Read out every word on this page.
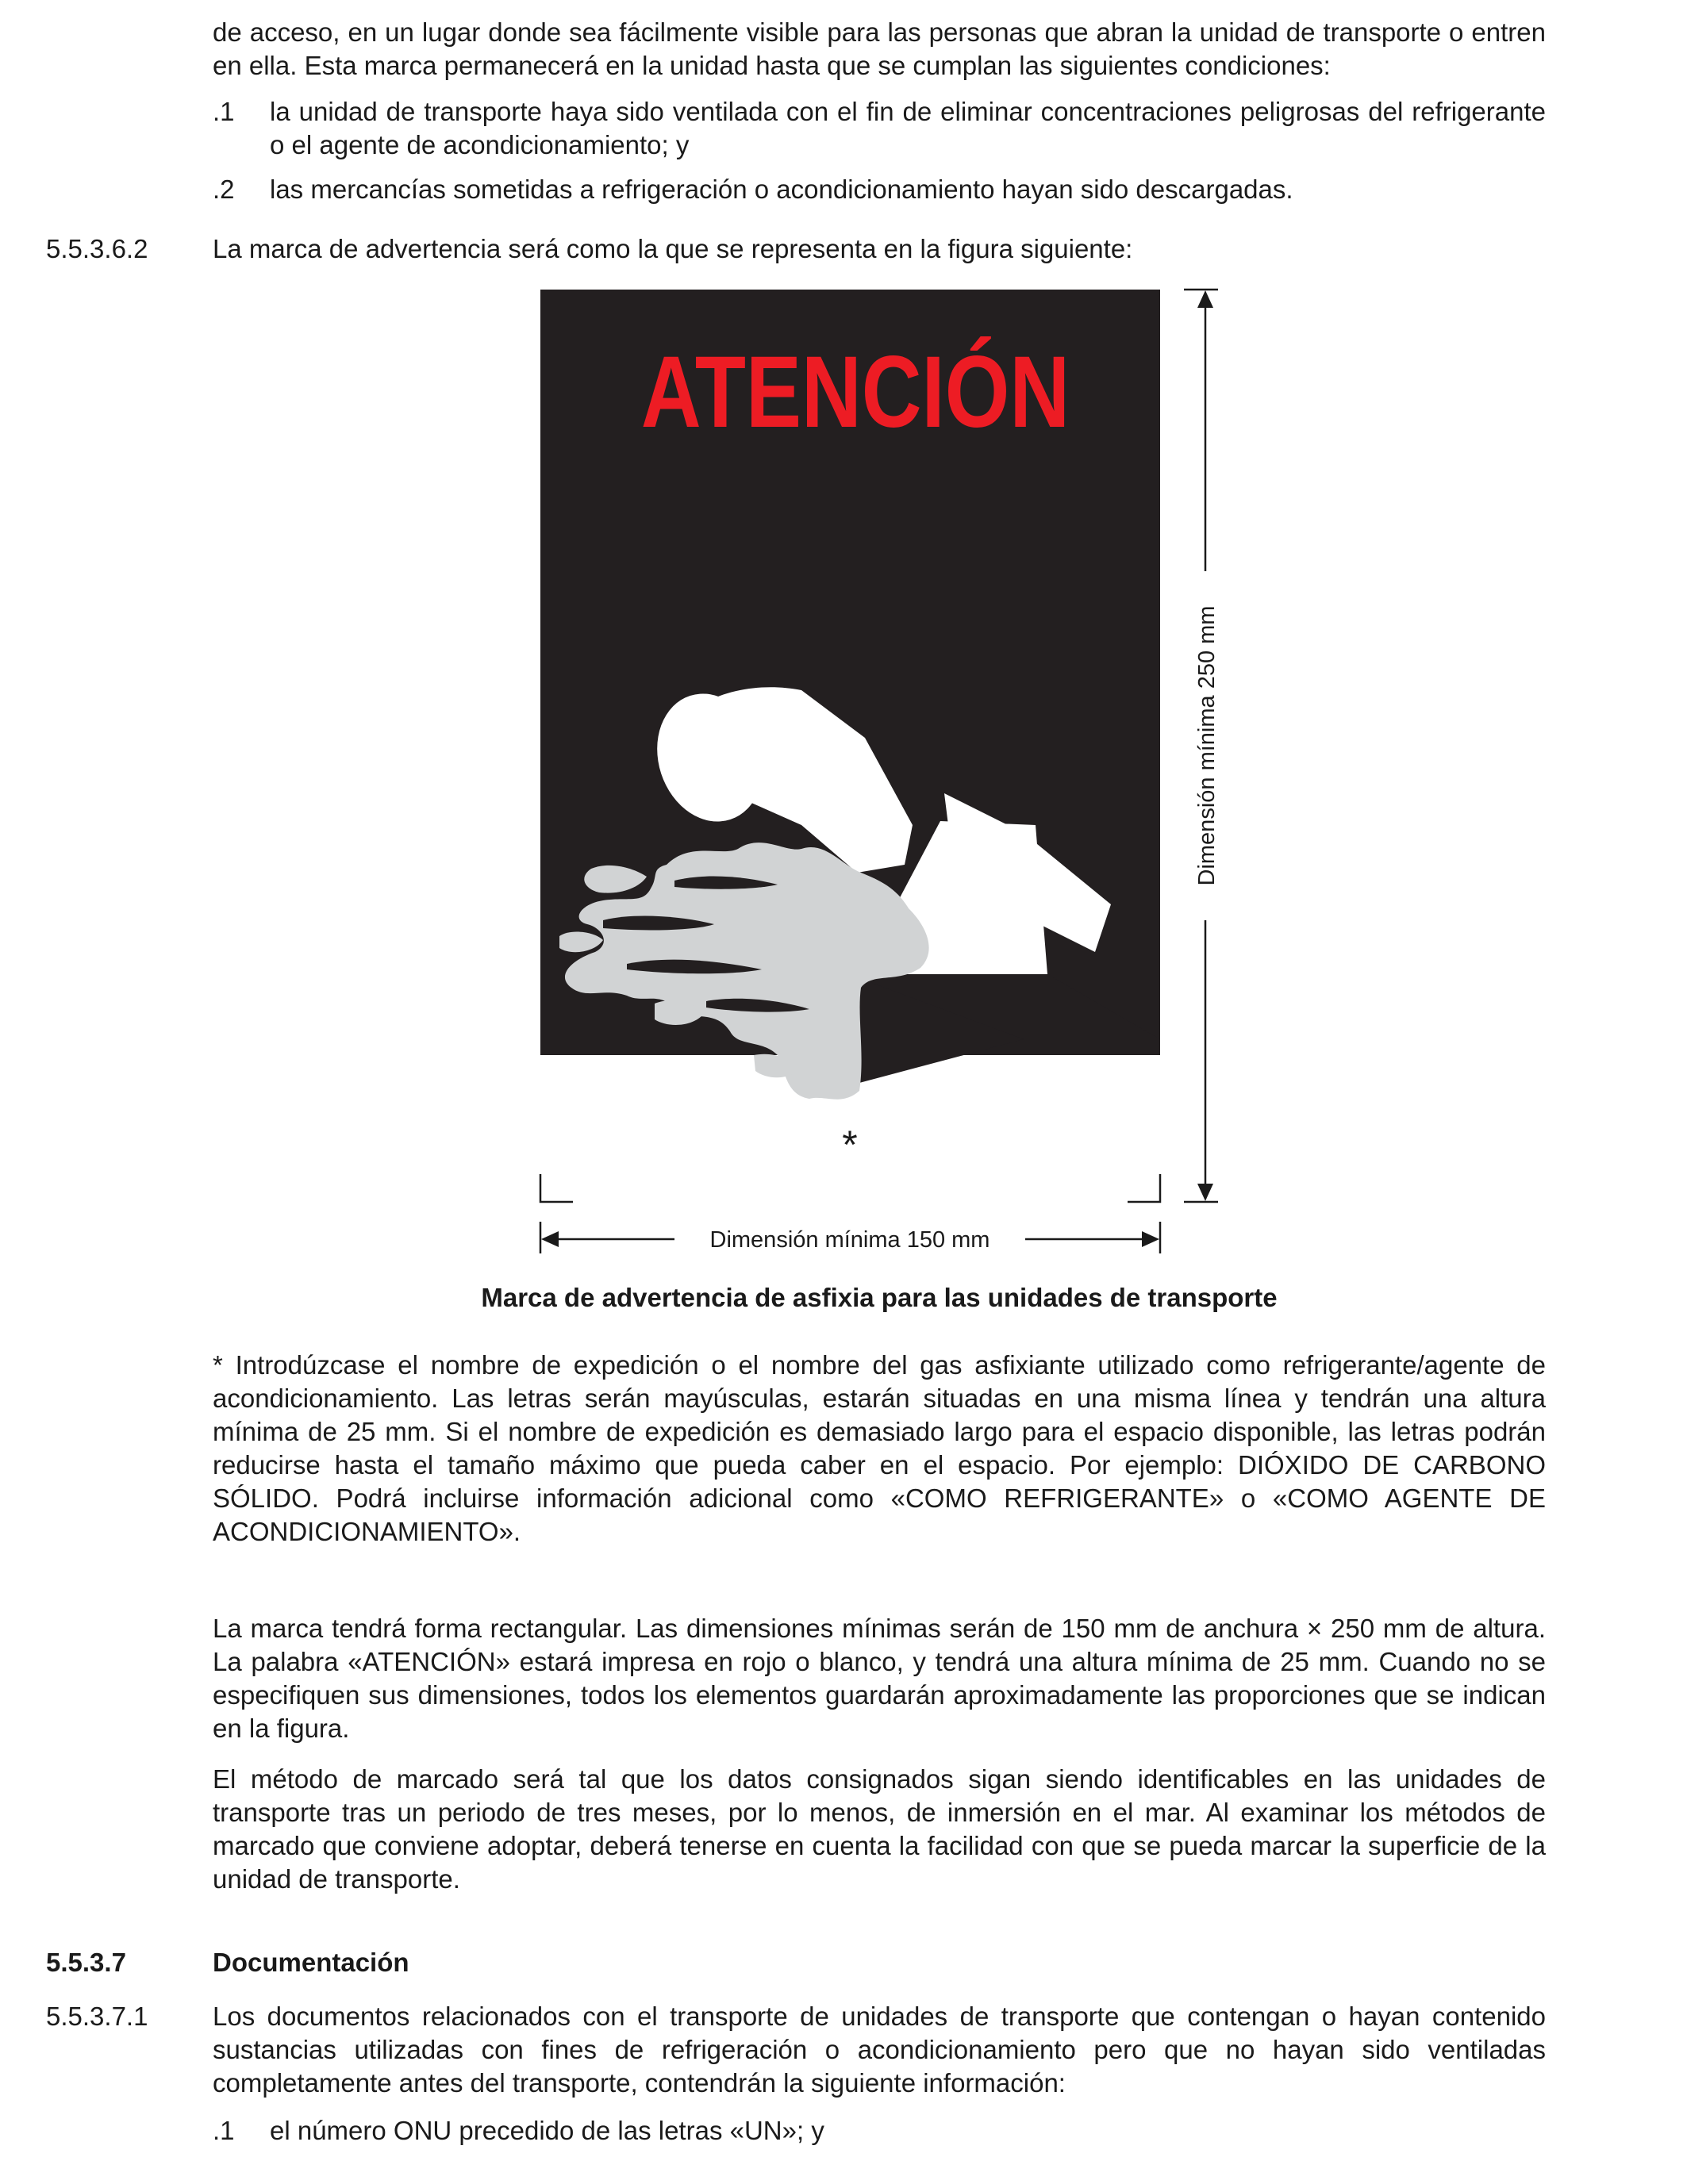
de acceso, en un lugar donde sea fácilmente visible para las personas que abran la unidad de transporte o entren en ella. Esta marca permanecerá en la unidad hasta que se cumplan las siguientes condiciones:
.1 la unidad de transporte haya sido ventilada con el fin de eliminar concentraciones peligrosas del refrigerante o el agente de acondicionamiento; y
.2 las mercancías sometidas a refrigeración o acondicionamiento hayan sido descargadas.
5.5.3.6.2 La marca de advertencia será como la que se representa en la figura siguiente:
ATENCIÓN
*
Dimensión mínima 250 mm
Dimensión mínima 150 mm
Marca de advertencia de asfixia para las unidades de transporte
* Introdúzcase el nombre de expedición o el nombre del gas asfixiante utilizado como refrigerante/agente de acondicionamiento. Las letras serán mayúsculas, estarán situadas en una misma línea y tendrán una altura mínima de 25 mm. Si el nombre de expedición es demasiado largo para el espacio disponible, las letras podrán reducirse hasta el tamaño máximo que pueda caber en el espacio. Por ejemplo: DIÓXIDO DE CARBONO SÓLIDO. Podrá incluirse información adicional como «COMO REFRIGERANTE» o «COMO AGENTE DE ACONDICIONAMIENTO».
La marca tendrá forma rectangular. Las dimensiones mínimas serán de 150 mm de anchura × 250 mm de altura. La palabra «ATENCIÓN» estará impresa en rojo o blanco, y tendrá una altura mínima de 25 mm. Cuando no se especifiquen sus dimensiones, todos los elementos guardarán aproximadamente las proporciones que se indican en la figura.
El método de marcado será tal que los datos consignados sigan siendo identificables en las unidades de transporte tras un periodo de tres meses, por lo menos, de inmersión en el mar. Al examinar los métodos de marcado que conviene adoptar, deberá tenerse en cuenta la facilidad con que se pueda marcar la superficie de la unidad de transporte.
5.5.3.7	Documentación
5.5.3.7.1 Los documentos relacionados con el transporte de unidades de transporte que contengan o hayan contenido sustancias utilizadas con fines de refrigeración o acondicionamiento pero que no hayan sido ventiladas completamente antes del transporte, contendrán la siguiente información:
.1 el número ONU precedido de las letras «UN»; y
